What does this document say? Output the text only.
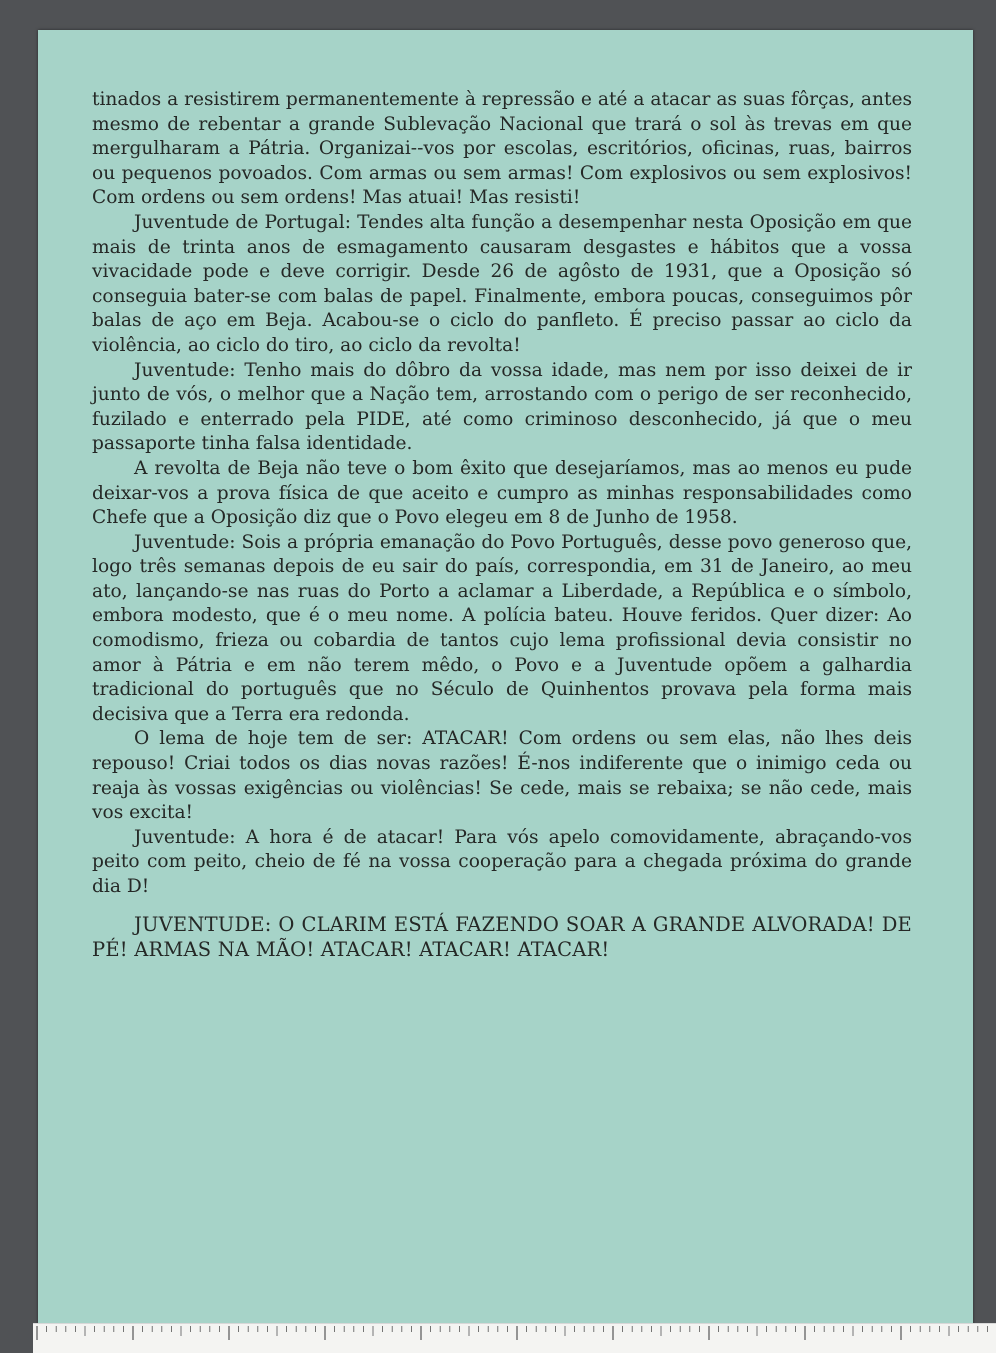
tinados a resistirem permanentemente à repressão e até a atacar as suas fôrças, antes mesmo de rebentar a grande Sublevação Nacional que trará o sol às trevas em que mergulharam a Pátria. Organizai--vos por escolas, escritórios, oficinas, ruas, bairros ou pequenos povoados. Com armas ou sem armas! Com explosivos ou sem explosivos! Com ordens ou sem ordens! Mas atuai! Mas resisti!

Juventude de Portugal: Tendes alta função a desempenhar nesta Oposição em que mais de trinta anos de esmagamento causaram desgastes e hábitos que a vossa vivacidade pode e deve corrigir. Desde 26 de agôsto de 1931, que a Oposição só conseguia bater-se com balas de papel. Finalmente, embora poucas, conseguimos pôr balas de aço em Beja. Acabou-se o ciclo do panfleto. É preciso passar ao ciclo da violência, ao ciclo do tiro, ao ciclo da revolta!

Juventude: Tenho mais do dôbro da vossa idade, mas nem por isso deixei de ir junto de vós, o melhor que a Nação tem, arrostando com o perigo de ser reconhecido, fuzilado e enterrado pela PIDE, até como criminoso desconhecido, já que o meu passaporte tinha falsa identidade.

A revolta de Beja não teve o bom êxito que desejaríamos, mas ao menos eu pude deixar-vos a prova física de que aceito e cumpro as minhas responsabilidades como Chefe que a Oposição diz que o Povo elegeu em 8 de Junho de 1958.

Juventude: Sois a própria emanação do Povo Português, desse povo generoso que, logo três semanas depois de eu sair do país, correspondia, em 31 de Janeiro, ao meu ato, lançando-se nas ruas do Porto a aclamar a Liberdade, a República e o símbolo, embora modesto, que é o meu nome. A polícia bateu. Houve feridos. Quer dizer: Ao comodismo, frieza ou cobardia de tantos cujo lema profissional devia consistir no amor à Pátria e em não terem mêdo, o Povo e a Juventude opõem a galhardia tradicional do português que no Século de Quinhentos provava pela forma mais decisiva que a Terra era redonda.

O lema de hoje tem de ser: ATACAR! Com ordens ou sem elas, não lhes deis repouso! Criai todos os dias novas razões! É-nos indiferente que o inimigo ceda ou reaja às vossas exigências ou violências! Se cede, mais se rebaixa; se não cede, mais vos excita!

Juventude: A hora é de atacar! Para vós apelo comovidamente, abraçando-vos peito com peito, cheio de fé na vossa cooperação para a chegada próxima do grande dia D!

JUVENTUDE: O CLARIM ESTÁ FAZENDO SOAR A GRANDE ALVORADA! DE PÉ! ARMAS NA MÃO! ATACAR! ATACAR! ATACAR!
